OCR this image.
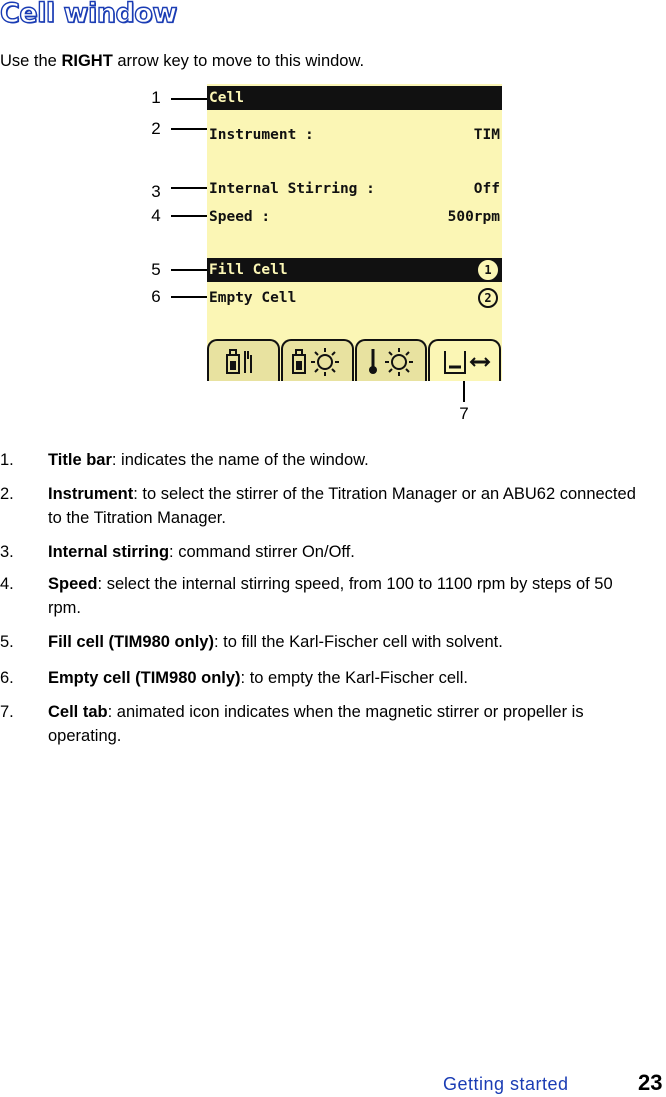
Cell window
Use the RIGHT arrow key to move to this window.
1
2
3
4
5
6
7
Cell
Instrument :	TIM
Internal Stirring :	Off
Speed :	500rpm
Fill Cell	1
Empty Cell	2
1. Title bar: indicates the name of the window.
2. Instrument: to select the stirrer of the Titration Manager or an ABU62 connected to the Titration Manager.
3. Internal stirring: command stirrer On/Off.
4. Speed: select the internal stirring speed, from 100 to 1100 rpm by steps of 50 rpm.
5. Fill cell (TIM980 only): to fill the Karl-Fischer cell with solvent.
6. Empty cell (TIM980 only): to empty the Karl-Fischer cell.
7. Cell tab: animated icon indicates when the magnetic stirrer or propeller is operating.
Getting started	23
